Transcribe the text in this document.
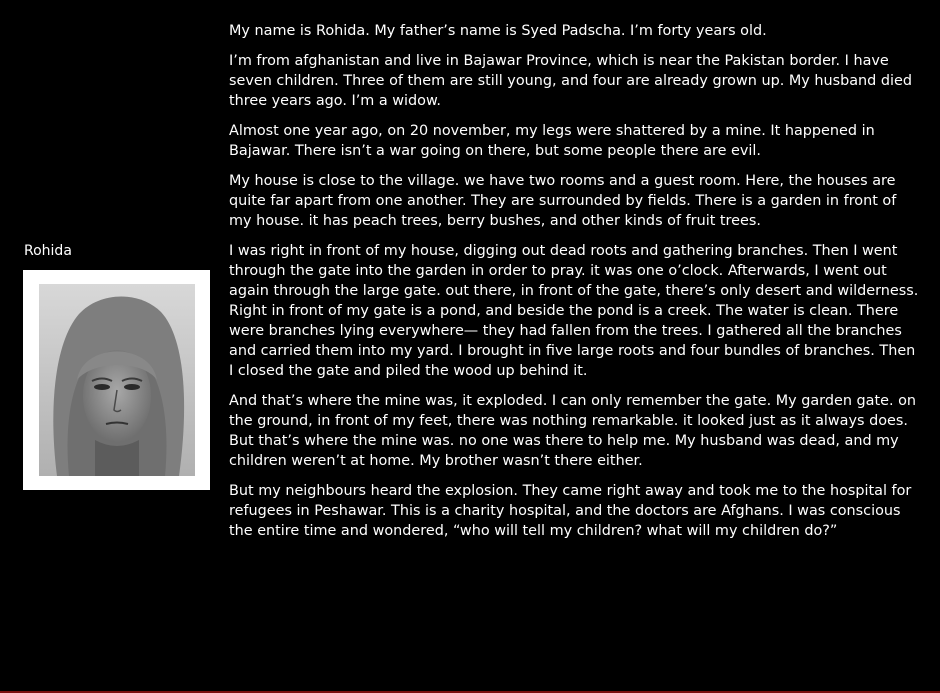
Rohida

My name is Rohida. My father’s name is Syed Padscha. I’m forty years old.

I’m from afghanistan and live in Bajawar Province, which is near the Pakistan border. I have seven children. Three of them are still young, and four are already grown up. My husband died three years ago. I’m a widow.

Almost one year ago, on 20 november, my legs were shattered by a mine. It happened in Bajawar. There isn’t a war going on there, but some people there are evil.

My house is close to the village. we have two rooms and a guest room. Here, the houses are quite far apart from one another. They are surrounded by fields. There is a garden in front of my house. it has peach trees, berry bushes, and other kinds of fruit trees.

I was right in front of my house, digging out dead roots and gathering branches. Then I went through the gate into the garden in order to pray. it was one o’clock. Afterwards, I went out again through the large gate. out there, in front of the gate, there’s only desert and wilderness. Right in front of my gate is a pond, and beside the pond is a creek. The water is clean. There were branches lying everywhere— they had fallen from the trees. I gathered all the branches and carried them into my yard. I brought in five large roots and four bundles of branches. Then I closed the gate and piled the wood up behind it.

And that’s where the mine was, it exploded. I can only remember the gate. My garden gate. on the ground, in front of my feet, there was nothing remarkable. it looked just as it always does. But that’s where the mine was. no one was there to help me. My husband was dead, and my children weren’t at home. My brother wasn’t there either.

But my neighbours heard the explosion. They came right away and took me to the hospital for refugees in Peshawar. This is a charity hospital, and the doctors are Afghans. I was conscious the entire time and wondered, “who will tell my children? what will my children do?”
